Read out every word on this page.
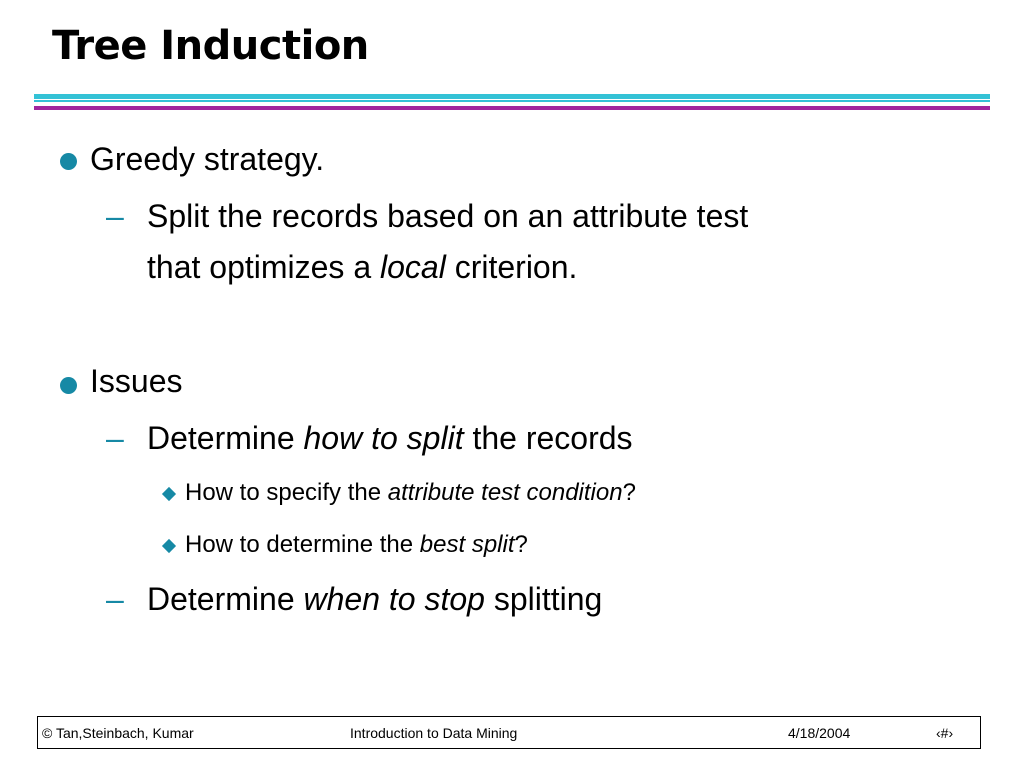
Tree Induction
Greedy strategy.
– Split the records based on an attribute test
that optimizes a local criterion.
Issues
– Determine how to split the records
How to specify the attribute test condition?
How to determine the best split?
– Determine when to stop splitting
© Tan,Steinbach, Kumar	Introduction to Data Mining	4/18/2004	‹#›
